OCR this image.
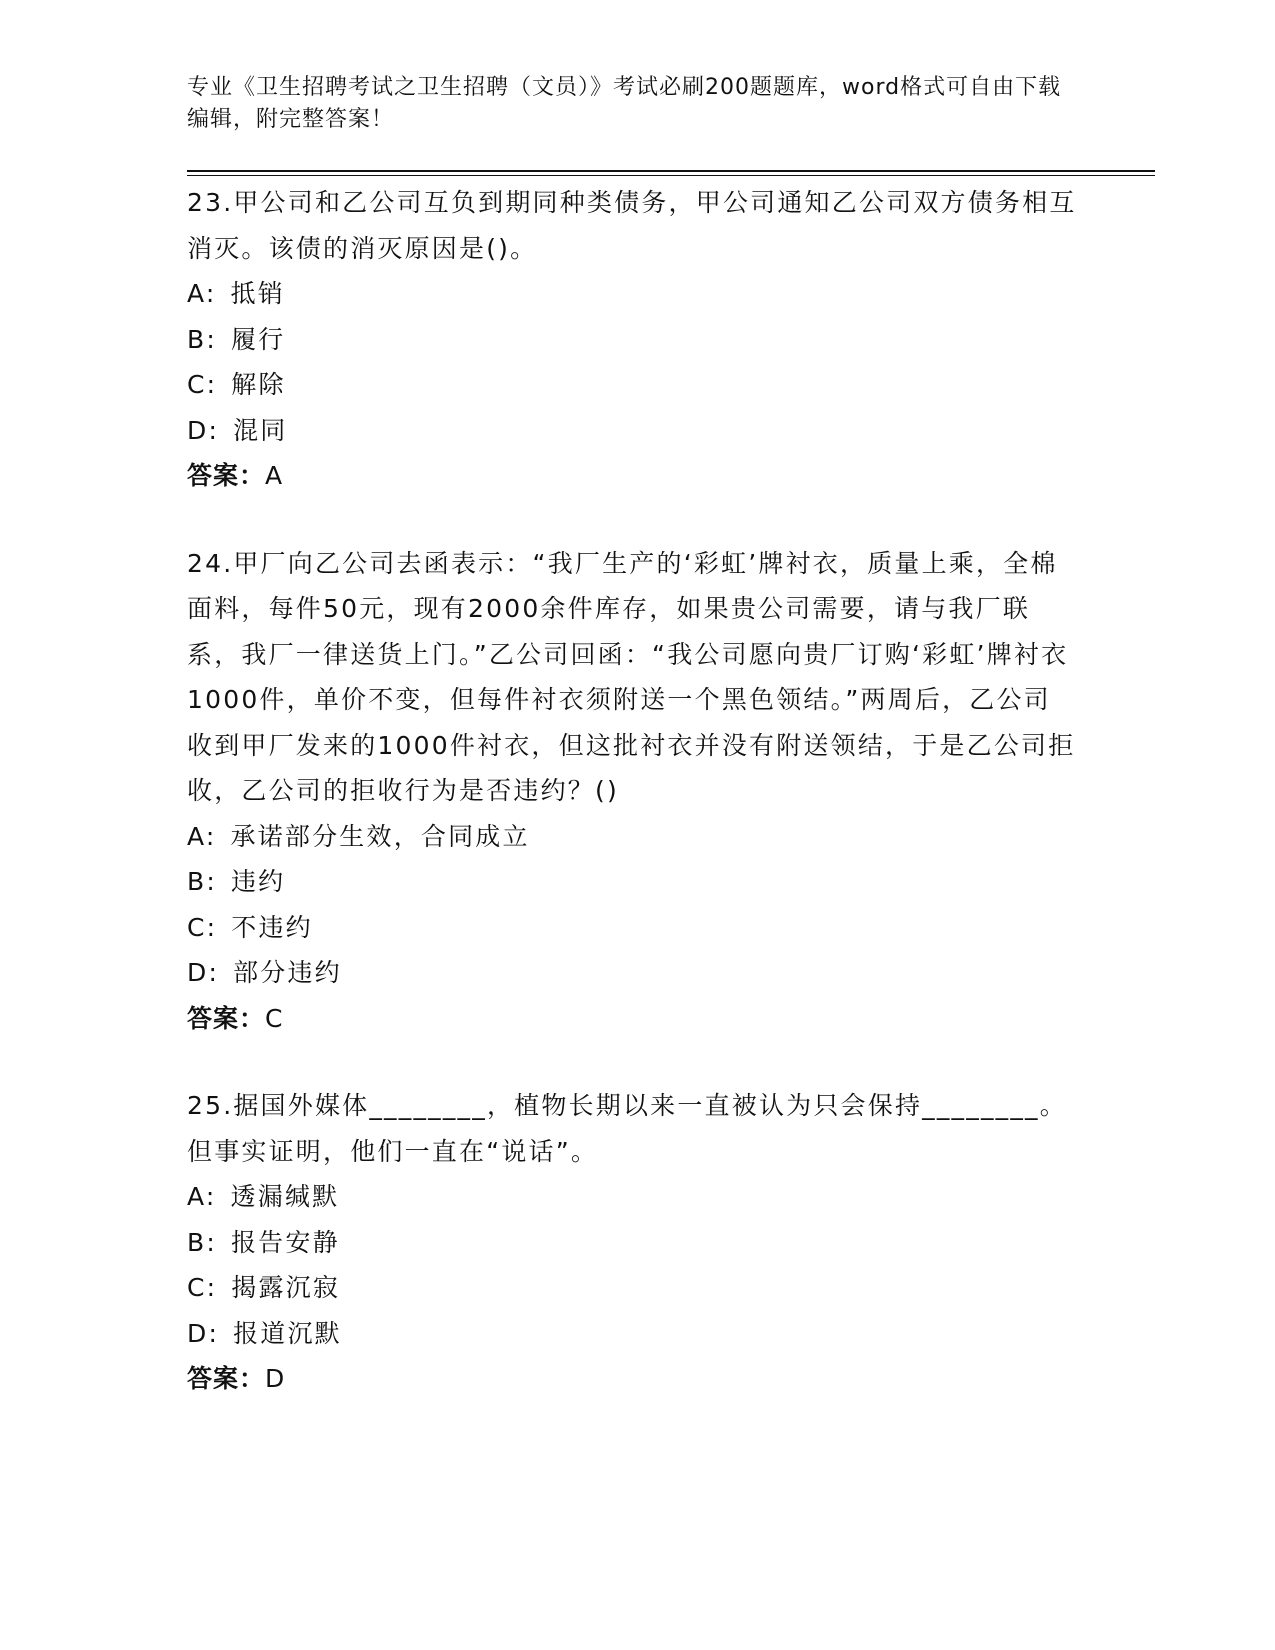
专业《卫生招聘考试之卫生招聘（文员）》考试必刷200题题库，word格式可自由下载编辑，附完整答案！

23.甲公司和乙公司互负到期同种类债务，甲公司通知乙公司双方债务相互消灭。该债的消灭原因是()。

A: 抵销

B: 履行

C: 解除

D: 混同

答案：A

24.甲厂向乙公司去函表示：“我厂生产的‘彩虹’牌衬衣，质量上乘，全棉面料，每件50元，现有2000余件库存，如果贵公司需要，请与我厂联系，我厂一律送货上门。”乙公司回函：“我公司愿向贵厂订购‘彩虹’牌衬衣1000件，单价不变，但每件衬衣须附送一个黑色领结。”两周后，乙公司收到甲厂发来的1000件衬衣，但这批衬衣并没有附送领结，于是乙公司拒收，乙公司的拒收行为是否违约？()

A: 承诺部分生效，合同成立

B: 违约

C: 不违约

D: 部分违约

答案：C

25.据国外媒体________，植物长期以来一直被认为只会保持________。但事实证明，他们一直在“说话”。

A: 透漏缄默

B: 报告安静

C: 揭露沉寂

D: 报道沉默

答案：D
